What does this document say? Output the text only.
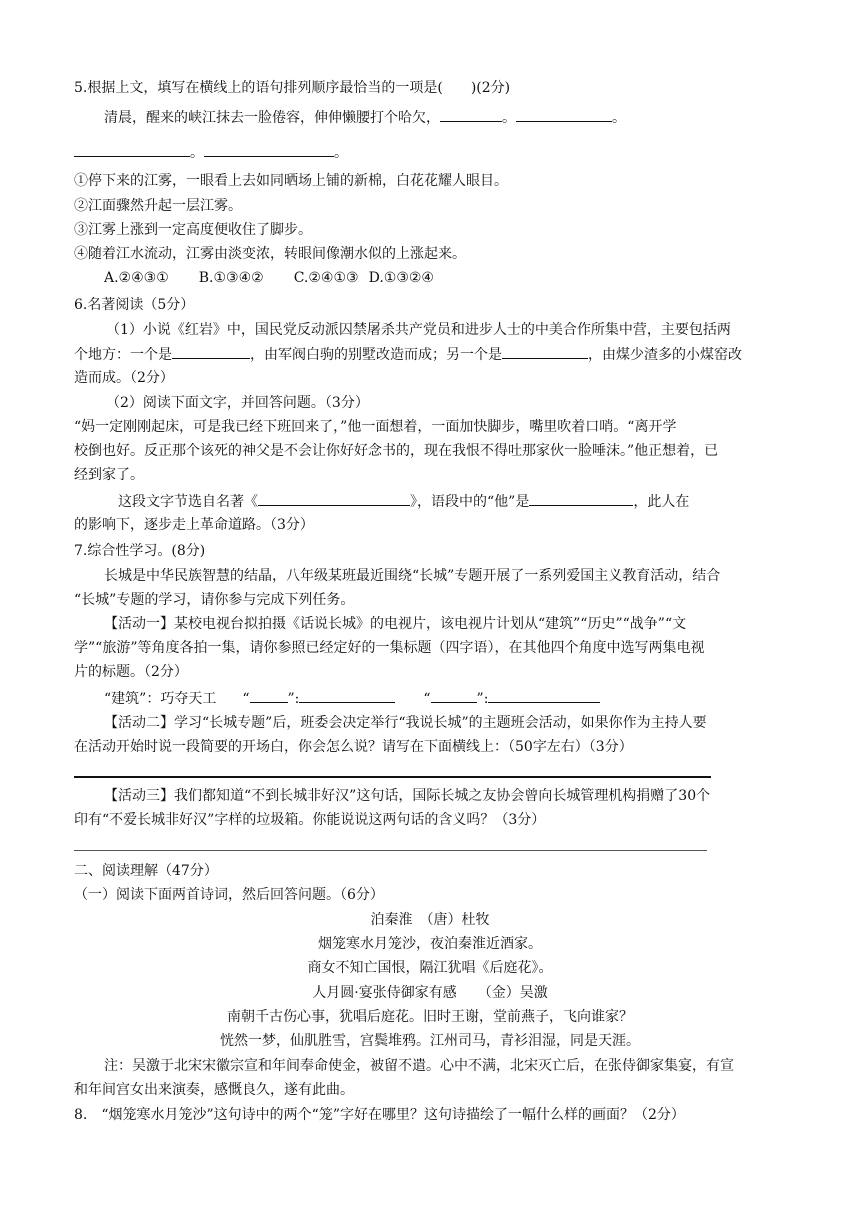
5.根据上文，填写在横线上的语句排列顺序最恰当的一项是(　　)(2分)
清晨，醒来的峡江抹去一脸倦容，伸伸懒腰打个哈欠，	。	。
。	。
①停下来的江雾，一眼看上去如同晒场上铺的新棉，白花花耀人眼目。
②江面骤然升起一层江雾。
③江雾上涨到一定高度便收住了脚步。
④随着江水流动，江雾由淡变浓，转眼间像潮水似的上涨起来。
A.②④③① B.①③④② C.②④①③ D.①③②④
6.名著阅读（5分）
（1）小说《红岩》中，国民党反动派囚禁屠杀共产党员和进步人士的中美合作所集中营，主要包括两
个地方：一个是	，由军阀白驹的别墅改造而成；另一个是	，由煤少渣多的小煤窑改
造而成。（2分）
（2）阅读下面文字，并回答问题。（3分）
“妈一定刚刚起床，可是我已经下班回来了，”他一面想着，一面加快脚步，嘴里吹着口哨。“离开学
校倒也好。反正那个该死的神父是不会让你好好念书的，现在我恨不得吐那家伙一脸唾沫。”他正想着，已
经到家了。
这段文字节选自名著《	》，语段中的“他”是	，此人在
的影响下，逐步走上革命道路。（3分）
7.综合性学习。(8分)
长城是中华民族智慧的结晶，八年级某班最近围绕“长城”专题开展了一系列爱国主义教育活动，结合
“长城”专题的学习，请你参与完成下列任务。
【活动一】某校电视台拟拍摄《话说长城》的电视片，该电视片计划从“建筑”“历史”“战争”“文
学”“旅游”等角度各拍一集，请你参照已经定好的一集标题（四字语），在其他四个角度中选写两集电视
片的标题。（2分）
“建筑”：巧夺天工 “	”:	“	”:
【活动二】学习“长城专题”后，班委会决定举行“我说长城”的主题班会活动，如果你作为主持人要
在活动开始时说一段简要的开场白，你会怎么说？请写在下面横线上：（50字左右）（3分）
【活动三】我们都知道“不到长城非好汉”这句话，国际长城之友协会曾向长城管理机构捐赠了30个
印有“不爱长城非好汉”字样的垃圾箱。你能说说这两句话的含义吗？（3分）
二、阅读理解（47分）
（一）阅读下面两首诗词，然后回答问题。（6分）
泊秦淮　（唐）杜牧
烟笼寒水月笼沙，夜泊秦淮近酒家。
商女不知亡国恨，隔江犹唱《后庭花》。
人月圆·宴张侍御家有感　　（金）吴激
南朝千古伤心事，犹唱后庭花。旧时王谢，堂前燕子，飞向谁家？
恍然一梦，仙肌胜雪，宫鬓堆鸦。江州司马，青衫泪湿，同是天涯。
注：吴激于北宋宋徽宗宣和年间奉命使金，被留不遣。心中不满，北宋灭亡后，在张侍御家集宴，有宣
和年间宫女出来演奏，感慨良久，遂有此曲。
8.　“烟笼寒水月笼沙”这句诗中的两个“笼”字好在哪里？这句诗描绘了一幅什么样的画面？（2分）
